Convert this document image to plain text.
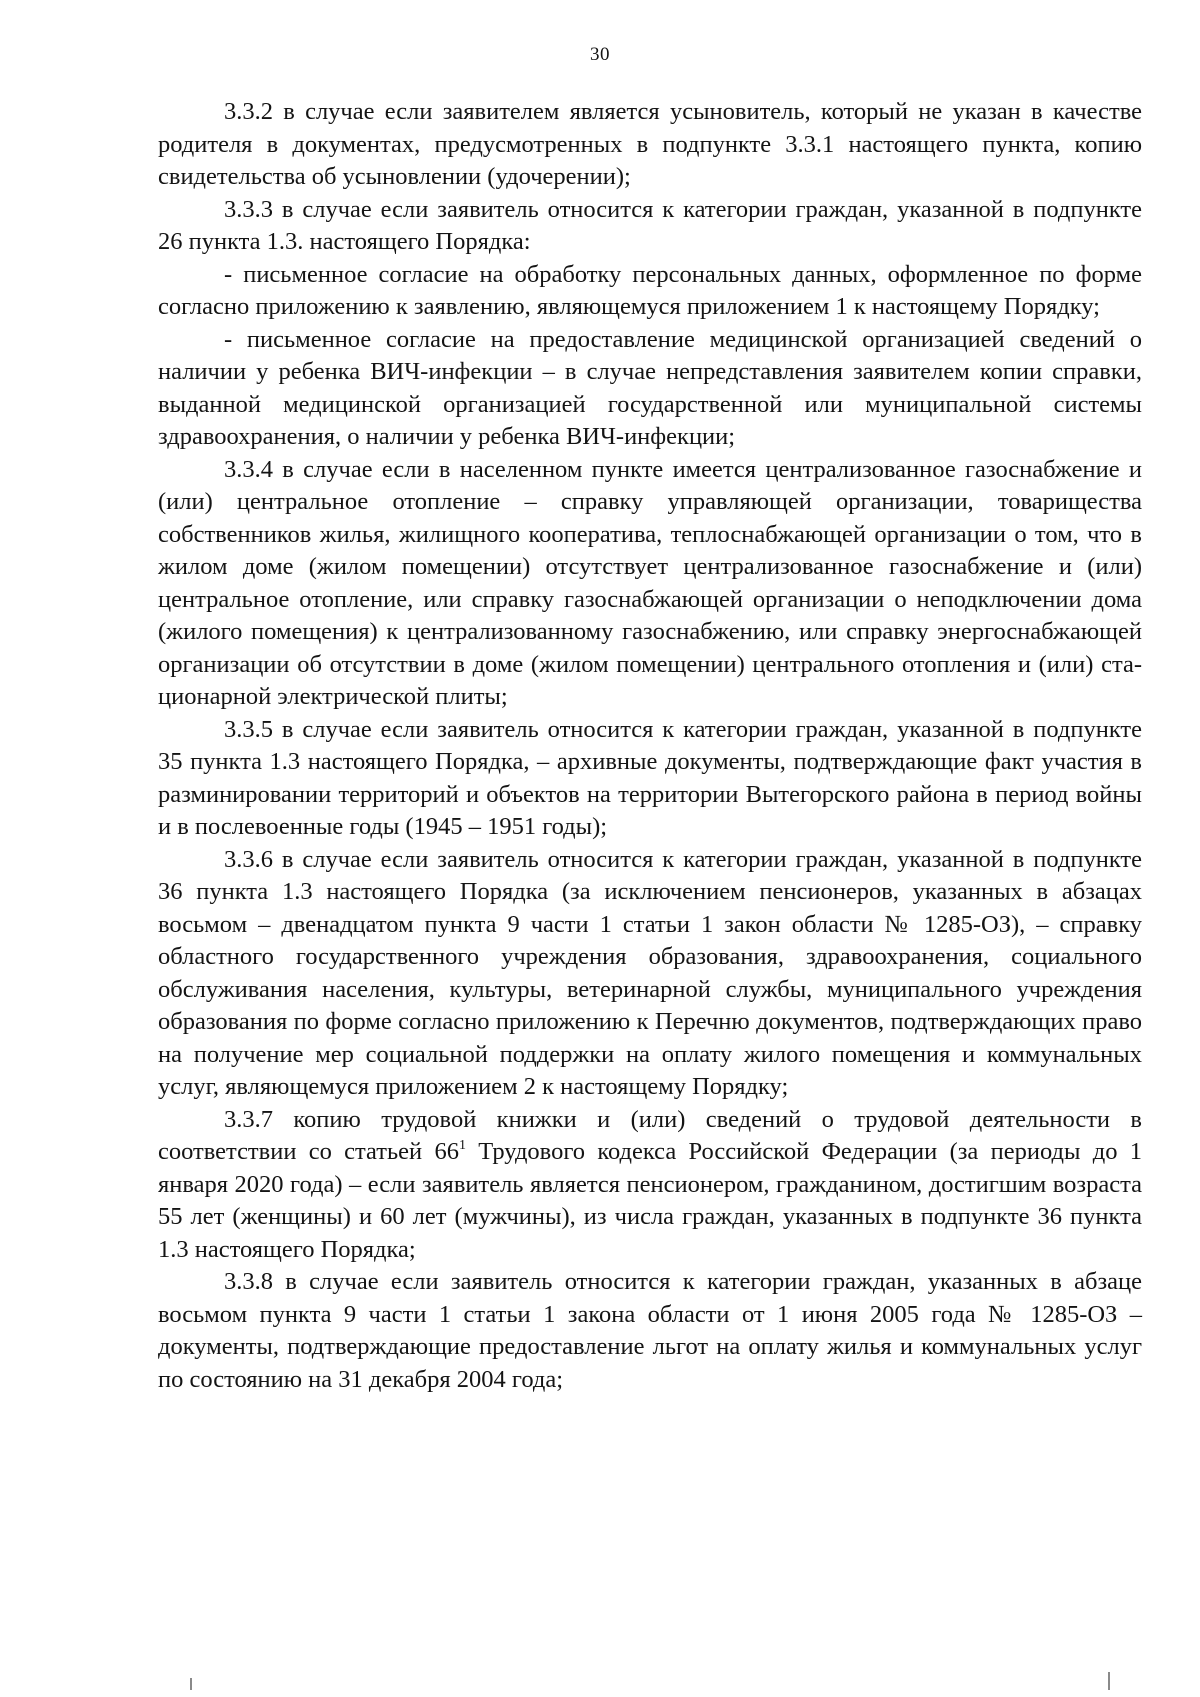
30

3.3.2 в случае если заявителем является усыновитель, который не указан в качестве родителя в документах, предусмотренных в подпункте 3.3.1 настоящего пункта, копию свидетельства об усыновлении (удочерении);

3.3.3 в случае если заявитель относится к категории граждан, указанной в подпункте 26 пункта 1.3. настоящего Порядка:

- письменное согласие на обработку персональных данных, оформленное по форме согласно приложению к заявлению, являющемуся приложением 1 к настоящему Порядку;

- письменное согласие на предоставление медицинской организацией сведений о наличии у ребенка ВИЧ-инфекции – в случае непредставления заявителем копии справки, выданной медицинской организацией государственной или муниципальной системы здравоохранения, о наличии у ребенка ВИЧ-инфекции;

3.3.4 в случае если в населенном пункте имеется централизованное газоснабжение и (или) центральное отопление – справку управляющей организации, товарищества собственников жилья, жилищного кооператива, теплоснабжающей организации о том, что в жилом доме (жилом помещении) отсутствует централизованное газоснабжение и (или) центральное отопление, или справку газоснабжающей организации о неподключении дома (жилого помещения) к централизованному газоснабжению, или справку энергоснабжающей организации об отсутствии в доме (жилом помещении) центрального отопления и (или) стационарной электрической плиты;

3.3.5 в случае если заявитель относится к категории граждан, указанной в подпункте 35 пункта 1.3 настоящего Порядка, – архивные документы, подтверждающие факт участия в разминировании территорий и объектов на территории Вытегорского района в период войны и в послевоенные годы (1945 – 1951 годы);

3.3.6 в случае если заявитель относится к категории граждан, указанной в подпункте 36 пункта 1.3 настоящего Порядка (за исключением пенсионеров, указанных в абзацах восьмом – двенадцатом пункта 9 части 1 статьи 1 закон области № 1285-ОЗ), – справку областного государственного учреждения образования, здравоохранения, социального обслуживания населения, культуры, ветеринарной службы, муниципального учреждения образования по форме согласно приложению к Перечню документов, подтверждающих право на получение мер социальной поддержки на оплату жилого помещения и коммунальных услуг, являющемуся приложением 2 к настоящему Порядку;

3.3.7 копию трудовой книжки и (или) сведений о трудовой деятельности в соответствии со статьей $66^1$ Трудового кодекса Российской Федерации (за периоды до 1 января 2020 года) – если заявитель является пенсионером, гражданином, достигшим возраста 55 лет (женщины) и 60 лет (мужчины), из числа граждан, указанных в подпункте 36 пункта 1.3 настоящего Порядка;

3.3.8 в случае если заявитель относится к категории граждан, указанных в абзаце восьмом пункта 9 части 1 статьи 1 закона области от 1 июня 2005 года № 1285-ОЗ – документы, подтверждающие предоставление льгот на оплату жилья и коммунальных услуг по состоянию на 31 декабря 2004 года;
